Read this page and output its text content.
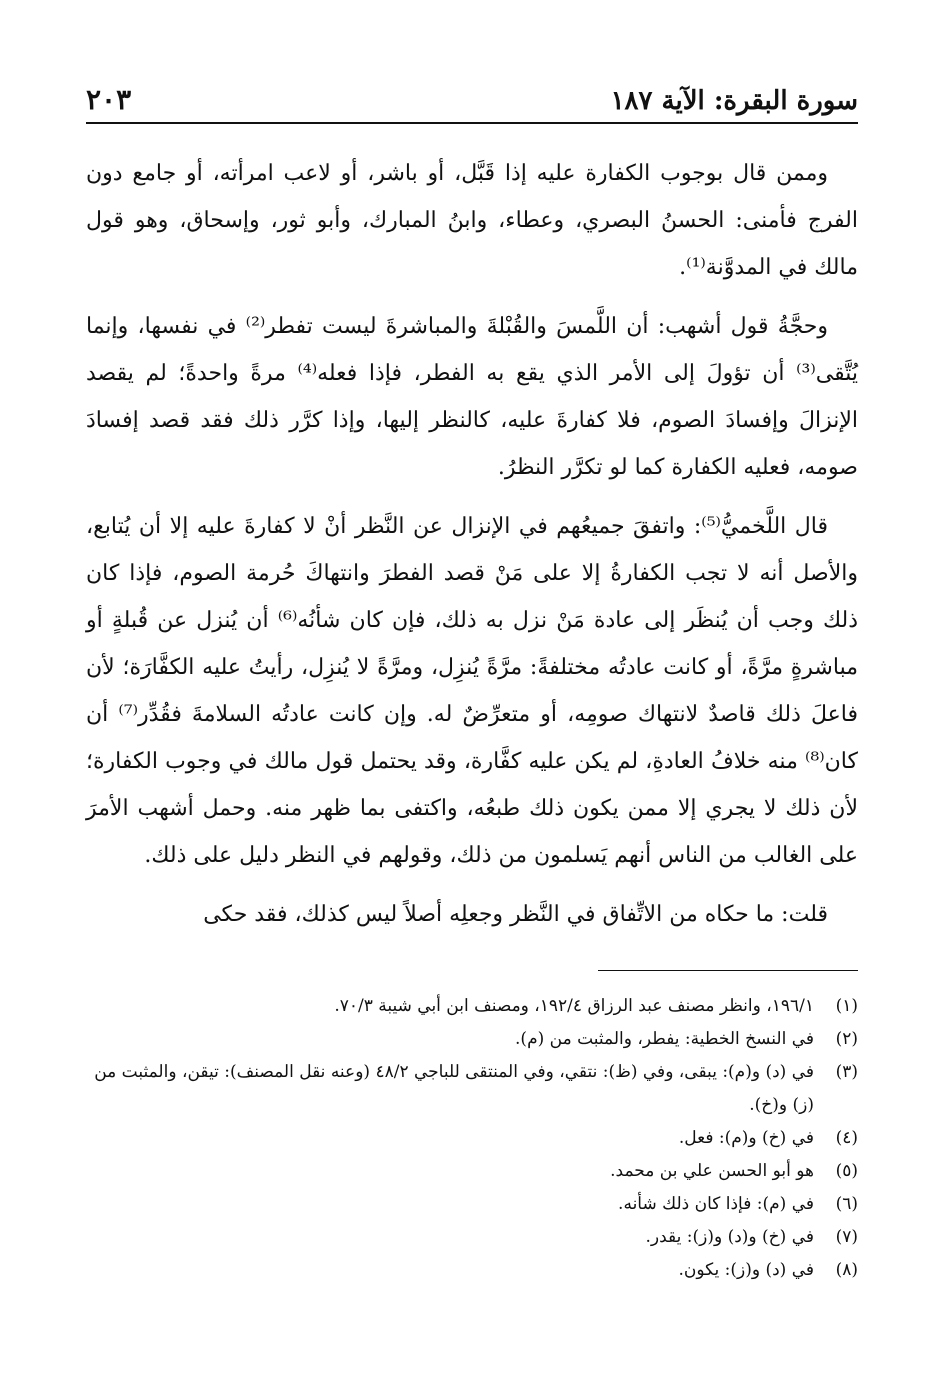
سورة البقرة: الآية ١٨٧
٢٠٣

وممن قال بوجوب الكفارة عليه إذا قَبَّل، أو باشر، أو لاعب امرأته، أو جامع دون الفرج فأمنى: الحسنُ البصري، وعطاء، وابنُ المبارك، وأبو ثور، وإسحاق، وهو قول مالك في المدوَّنة⁽¹⁾.

وحجَّةُ قول أشهب: أن اللَّمسَ والقُبْلةَ والمباشرةَ ليست تفطر⁽²⁾ في نفسها، وإنما يُتَّقى⁽³⁾ أن تؤولَ إلى الأمر الذي يقع به الفطر، فإذا فعله⁽⁴⁾ مرةً واحدةً؛ لم يقصد الإنزالَ وإفسادَ الصوم، فلا كفارةَ عليه، كالنظر إليها، وإذا كرَّر ذلك فقد قصد إفسادَ صومه، فعليه الكفارة كما لو تكرَّر النظرُ.

قال اللَّخميُّ⁽⁵⁾: واتفقَ جميعُهم في الإنزال عن النَّظر أنْ لا كفارةَ عليه إلا أن يُتابع، والأصل أنه لا تجب الكفارةُ إلا على مَنْ قصد الفطرَ وانتهاكَ حُرمة الصوم، فإذا كان ذلك وجب أن يُنظَر إلى عادة مَنْ نزل به ذلك، فإن كان شأنُه⁽⁶⁾ أن يُنزل عن قُبلةٍ أو مباشرةٍ مرَّةً، أو كانت عادتُه مختلفةً: مرَّةً يُنزِل، ومرَّةً لا يُنزِل، رأيتُ عليه الكفَّارَة؛ لأن فاعلَ ذلك قاصدٌ لانتهاك صومِه، أو متعرِّضٌ له. وإن كانت عادتُه السلامةَ فقُدِّر⁽⁷⁾ أن كان⁽⁸⁾ منه خلافُ العادةِ، لم يكن عليه كفَّارة، وقد يحتمل قول مالك في وجوب الكفارة؛ لأن ذلك لا يجري إلا ممن يكون ذلك طبعُه، واكتفى بما ظهر منه. وحمل أشهب الأمرَ على الغالب من الناس أنهم يَسلمون من ذلك، وقولهم في النظر دليل على ذلك.

قلت: ما حكاه من الاتِّفاق في النَّظر وجعلِه أصلاً ليس كذلك، فقد حكى

(١)
١٩٦/١، وانظر مصنف عبد الرزاق ١٩٢/٤، ومصنف ابن أبي شيبة ٧٠/٣.
(٢)
في النسخ الخطية: يفطر، والمثبت من (م).
(٣)
في (د) و(م): يبقى، وفي (ظ): نتقي، وفي المنتقى للباجي ٤٨/٢ (وعنه نقل المصنف): تيقن، والمثبت من (ز) و(خ).
(٤)
في (خ) و(م): فعل.
(٥)
هو أبو الحسن علي بن محمد.
(٦)
في (م): فإذا كان ذلك شأنه.
(٧)
في (خ) و(د) و(ز): يقدر.
(٨)
في (د) و(ز): يكون.
